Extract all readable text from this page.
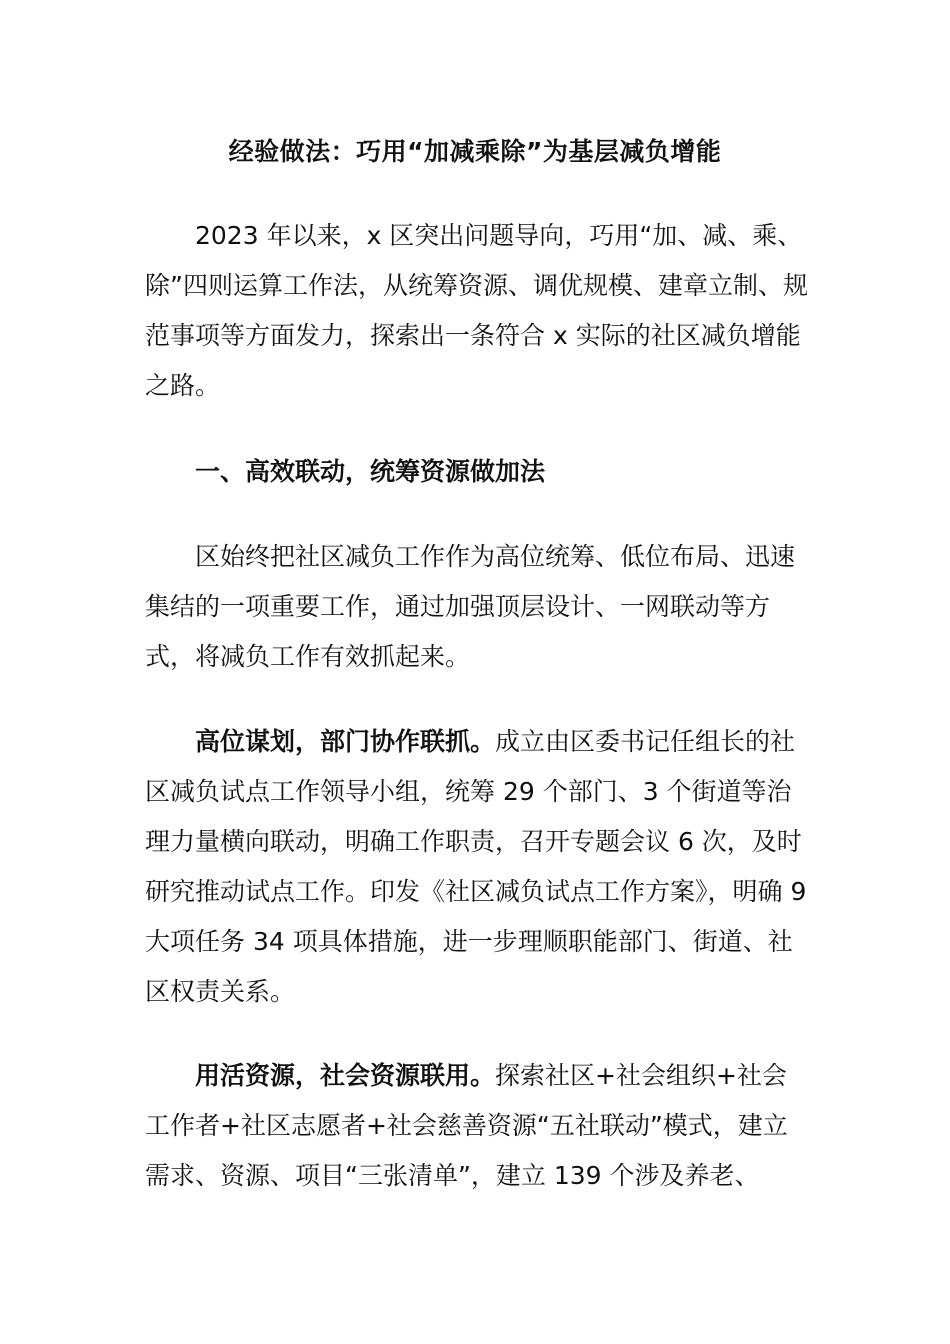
经验做法：巧用“加减乘除”为基层减负增能

2023 年以来，x 区突出问题导向，巧用“加、减、乘、除”四则运算工作法，从统筹资源、调优规模、建章立制、规范事项等方面发力，探索出一条符合 x 实际的社区减负增能之路。

一、高效联动，统筹资源做加法

区始终把社区减负工作作为高位统筹、低位布局、迅速集结的一项重要工作，通过加强顶层设计、一网联动等方式，将减负工作有效抓起来。

高位谋划，部门协作联抓。成立由区委书记任组长的社区减负试点工作领导小组，统筹 29 个部门、3 个街道等治理力量横向联动，明确工作职责，召开专题会议 6 次，及时研究推动试点工作。印发《社区减负试点工作方案》，明确 9 大项任务 34 项具体措施，进一步理顺职能部门、街道、社区权责关系。

用活资源，社会资源联用。探索社区+社会组织+社会工作者+社区志愿者+社会慈善资源“五社联动”模式，建立需求、资源、项目“三张清单”，建立 139 个涉及养老、
